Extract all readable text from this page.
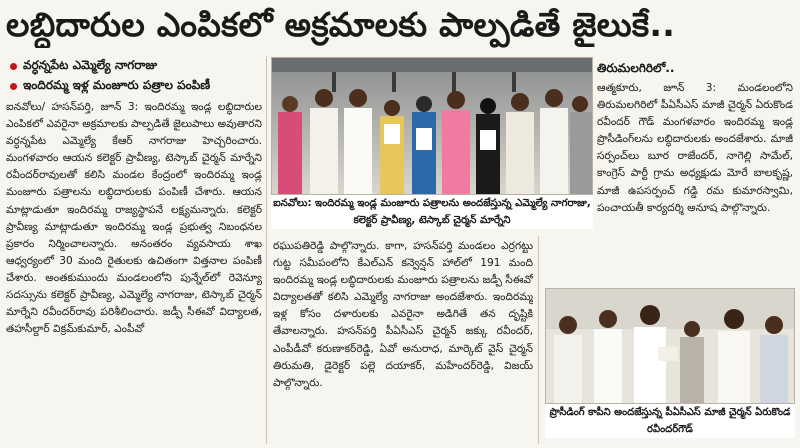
లబ్ధిదారుల ఎంపికలో అక్రమాలకు పాల్పడితే జైలుకే..
వర్ధన్నపేట ఎమ్మెల్యే నాగరాజు
ఇందిరమ్మ ఇళ్ల మంజూరు పత్రాల పంపిణీ

ఐనవోలు/ హసన్‌పర్తి, జూన్ 3: ఇందిరమ్మ ఇండ్ల లబ్ధిదారుల ఎంపికలో ఎవరైనా అక్రమాలకు పాల్పడితే జైలుపాలు అవుతారని వర్ధన్నపేట ఎమ్మెల్యే కేఆర్ నాగరాజు హెచ్చరించారు. మంగళవారం ఆయన కలెక్టర్ ప్రావీణ్య, టెస్కాబ్ చైర్మన్ మార్నేని రవీందర్‌రావులతో కలిసి మండల కేంద్రంలో ఇందిరమ్మ ఇండ్ల మంజూరు పత్రాలను లబ్ధిదారులకు పంపిణీ చేశారు. ఆయన మాట్లాడుతూ ఇందిరమ్మ రాజ్యస్థాపనే లక్ష్యమన్నారు. కలెక్టర్ ప్రావీణ్య మాట్లాడుతూ ఇందిరమ్మ ఇండ్ల ప్రభుత్వ నిబంధనల ప్రకారం నిర్మించాలన్నారు. అనంతరం వ్యవసాయ శాఖ ఆధ్వర్యంలో 30 మంది రైతులకు ఉచితంగా విత్తనాల పంపిణీ చేశారు. అంతకుముందు మండలంలోని పున్నేల్‌లో రెవెన్యూ సదస్సును కలెక్టర్ ప్రావీణ్య, ఎమ్మెల్యే నాగరాజు, టెస్కాబ్ చైర్మన్ మార్నేని రవీందర్‌రావు పరిశీలించారు. జడ్పీ సీఈవో విద్యాలత, తహసీల్దార్ విక్రమ్‌కుమార్, ఎంపీవో

ఐనవోలు: ఇందిరమ్మ ఇండ్ల మంజూరు పత్రాలను అందజేస్తున్న ఎమ్మెల్యే నాగరాజు, కలెక్టర్ ప్రావీణ్య, టెస్కాబ్ చైర్మన్ మార్నేని

రఘుపతిరెడ్డి పాల్గొన్నారు. కాగా, హసన్‌పర్తి మండలం ఎర్రగట్టు గుట్ట సమీపంలోని కేఎల్ఎన్ కన్వెన్షన్ హాల్‌లో 191 మంది ఇందిరమ్మ ఇండ్ల లబ్ధిదారులకు మంజూరు పత్రాలను జడ్పీ సీఈవో విద్యాలతతో కలిసి ఎమ్మెల్యే నాగరాజు అందజేశారు. ఇందిరమ్మ ఇళ్ల కోసం దళారులకు ఎవరైనా అడిగితే తన దృష్టికి తేవాలన్నారు. హసన్‌పర్తి పీఏసీఎస్ చైర్మన్ జక్కు రవీందర్, ఎంపీడీవో కరుణాకర్‌రెడ్డి, ఏవో అనురాధ, మార్కెట్ వైస్ చైర్మన్ తిరుమతి, డైరెక్టర్ పల్లె దయాకర్, మహేందర్‌రెడ్డి, విజయ్ పాల్గొన్నారు.

తిరుమలగిరిలో..

ఆత్మకూరు, జూన్ 3: మండలంలోని తిరుమలగిరిలో పీఏసీఎస్ మాజీ చైర్మన్ ఏరుకొండ రవీందర్ గౌడ్ మంగళవారం ఇందిరమ్మ ఇండ్ల ప్రొసీడింగ్‌లను లబ్ధిదారులకు అందజేశారు. మాజీ సర్పంచ్‌లు బూర రాజేందర్, నాగెల్లి సామేల్, కాంగ్రెస్ పార్టీ గ్రామ అధ్యక్షుడు మోరే బాలకృష్ణ, మాజీ ఉపసర్పంచ్ గడ్డి రమ కుమారస్వామి, పంచాయతీ కార్యదర్శి అనూష పాల్గొన్నారు.

ప్రొసీడింగ్ కాపీని అందజేస్తున్న పీఏసీఎస్ మాజీ చైర్మన్ ఏరుకొండ రవీందర్‌గౌడ్
